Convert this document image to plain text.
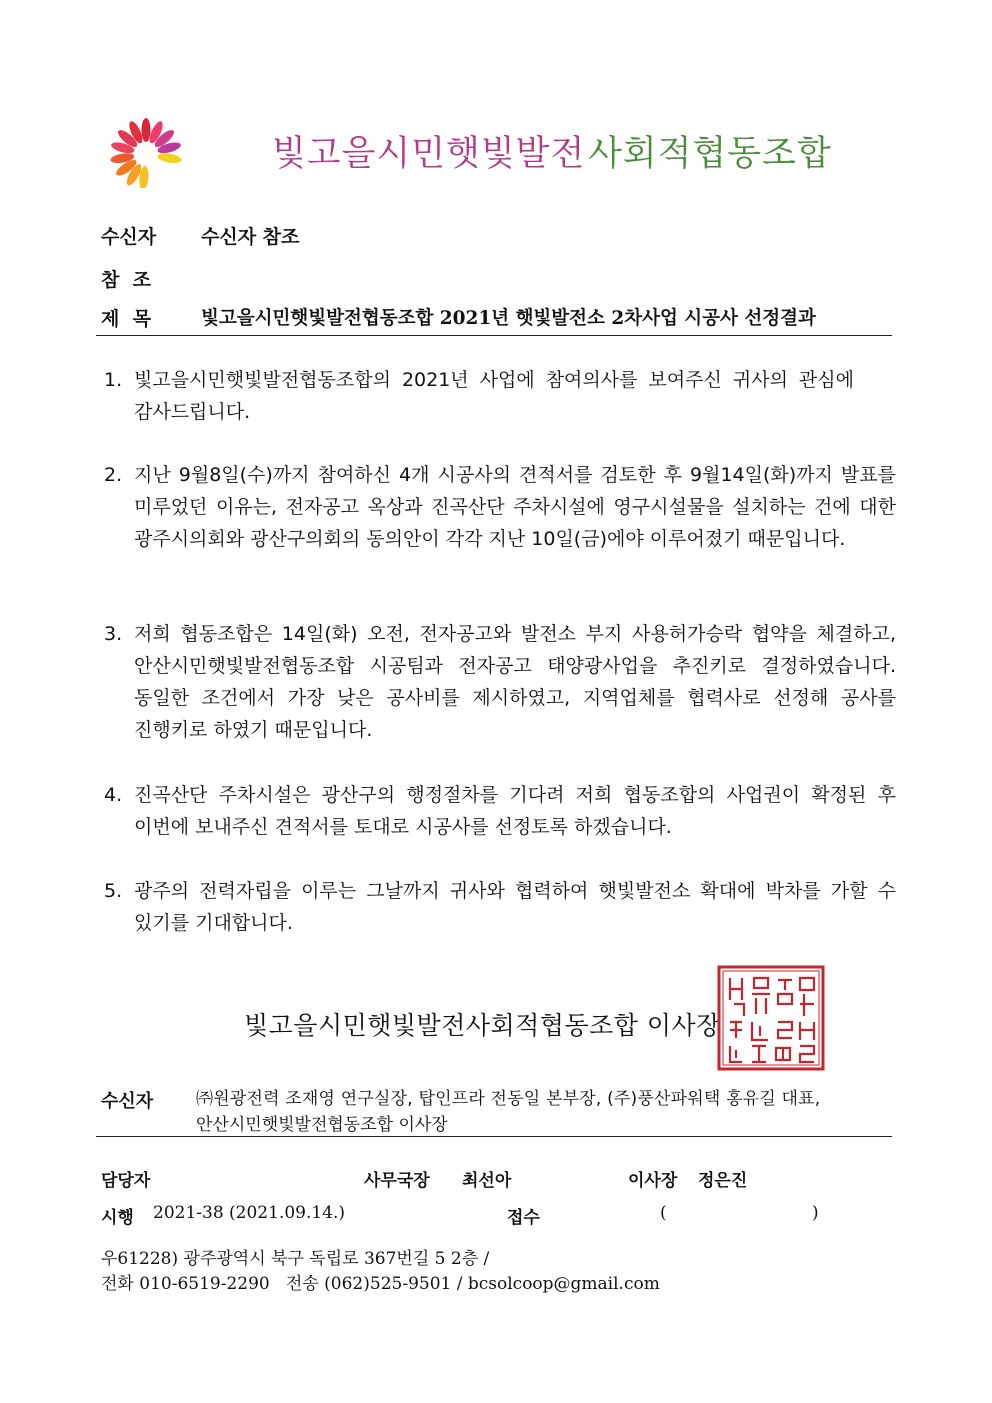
빛고을시민햇빛발전 사회적협동조합
수신자 수신자 참조
참  조
제  목	빛고을시민햇빛발전협동조합 2021년 햇빛발전소 2차사업 시공사 선정결과
1. 빛고을시민햇빛발전협동조합의 2021년 사업에 참여의사를 보여주신 귀사의 관심에 감사드립니다.
2. 지난 9월8일(수)까지 참여하신 4개 시공사의 견적서를 검토한 후 9월14일(화)까지 발표를 미루었던 이유는, 전자공고 옥상과 진곡산단 주차시설에 영구시설물을 설치하는 건에 대한 광주시의회와 광산구의회의 동의안이 각각 지난 10일(금)에야 이루어졌기 때문입니다.
3. 저희 협동조합은 14일(화) 오전, 전자공고와 발전소 부지 사용허가승락 협약을 체결하고, 안산시민햇빛발전협동조합 시공팀과 전자공고 태양광사업을 추진키로 결정하였습니다. 동일한 조건에서 가장 낮은 공사비를 제시하였고, 지역업체를 협력사로 선정해 공사를 진행키로 하였기 때문입니다.
4. 진곡산단 주차시설은 광산구의 행정절차를 기다려 저희 협동조합의 사업권이 확정된 후 이번에 보내주신 견적서를 토대로 시공사를 선정토록 하겠습니다.
5. 광주의 전력자립을 이루는 그날까지 귀사와 협력하여 햇빛발전소 확대에 박차를 가할 수 있기를 기대합니다.
빛고을시민햇빛발전사회적협동조합 이사장
수신자	㈜원광전력 조재영 연구실장, 탑인프라 전동일 본부장, (주)풍산파워택 홍유길 대표,
안산시민햇빛발전협동조합 이사장
담당자	사무국장 최선아	이사장 정은진
시행 2021-38 (2021.09.14.)	접수	(	)
우61228) 광주광역시 북구 독립로 367번길 5 2층 /
전화 010-6519-2290   전송 (062)525-9501 / bcsolcoop@gmail.com
